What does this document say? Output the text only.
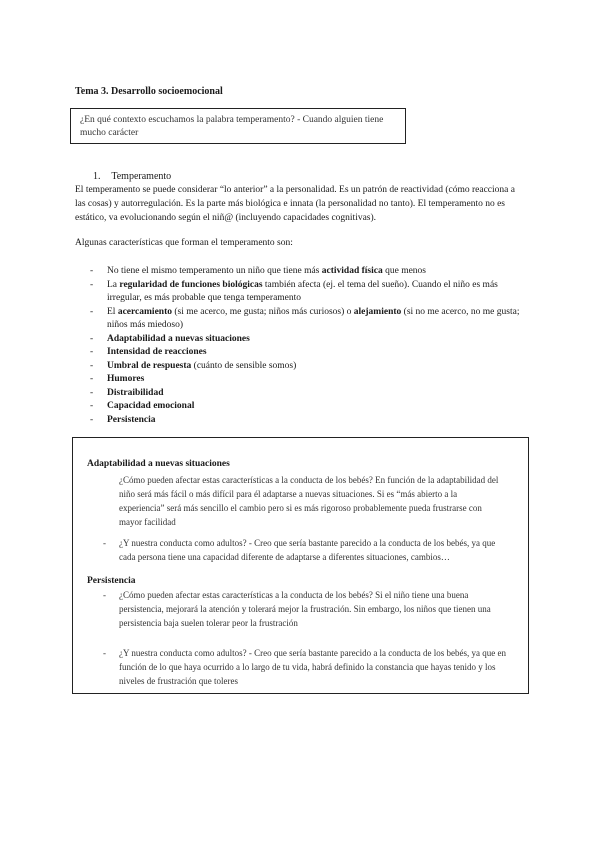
Tema 3. Desarrollo socioemocional
¿En qué contexto escuchamos la palabra temperamento? - Cuando alguien tiene mucho carácter
1. Temperamento
El temperamento se puede considerar “lo anterior” a la personalidad. Es un patrón de reactividad (cómo reacciona a las cosas) y autorregulación. Es la parte más biológica e innata (la personalidad no tanto). El temperamento no es estático, va evolucionando según el niñ@ (incluyendo capacidades cognitivas).
Algunas características que forman el temperamento son:
-	No tiene el mismo temperamento un niño que tiene más actividad física que menos
-	La regularidad de funciones biológicas también afecta (ej. el tema del sueño). Cuando el niño es más irregular, es más probable que tenga temperamento
-	El acercamiento (si me acerco, me gusta; niños más curiosos) o alejamiento (si no me acerco, no me gusta; niños más miedoso)
-	Adaptabilidad a nuevas situaciones
-	Intensidad de reacciones
-	Umbral de respuesta (cuánto de sensible somos)
-	Humores
-	Distraibilidad
-	Capacidad emocional
-	Persistencia
Adaptabilidad a nuevas situaciones
¿Cómo pueden afectar estas características a la conducta de los bebés? En función de la adaptabilidad del niño será más fácil o más difícil para él adaptarse a nuevas situaciones. Si es “más abierto a la experiencia” será más sencillo el cambio pero si es más rigoroso probablemente pueda frustrarse con mayor facilidad
- ¿Y nuestra conducta como adultos? - Creo que sería bastante parecido a la conducta de los bebés, ya que cada persona tiene una capacidad diferente de adaptarse a diferentes situaciones, cambios…
Persistencia
- ¿Cómo pueden afectar estas características a la conducta de los bebés? Si el niño tiene una buena persistencia, mejorará la atención y tolerará mejor la frustración. Sin embargo, los niños que tienen una persistencia baja suelen tolerar peor la frustración
- ¿Y nuestra conducta como adultos? - Creo que sería bastante parecido a la conducta de los bebés, ya que en función de lo que haya ocurrido a lo largo de tu vida, habrá definido la constancia que hayas tenido y los niveles de frustración que toleres
